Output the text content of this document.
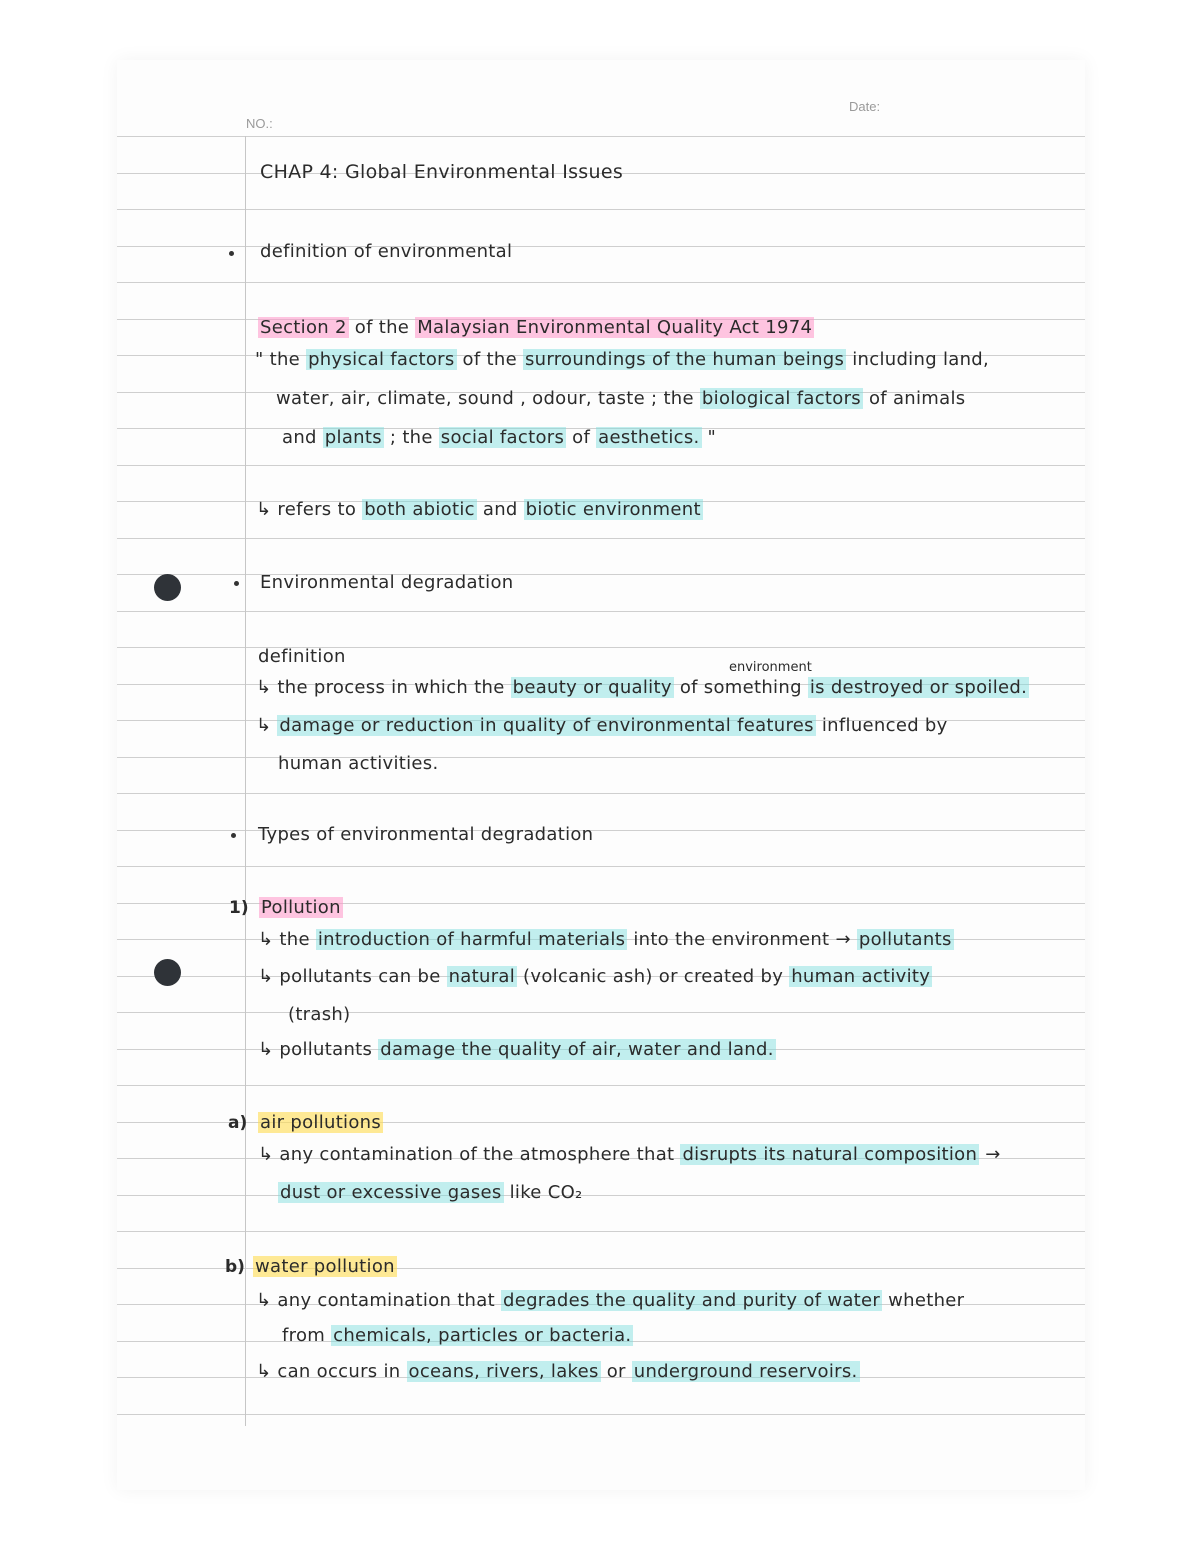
NO.:
Date:
CHAP 4: Global Environmental Issues
definition of environmental
Section 2 of the Malaysian Environmental Quality Act 1974
" the physical factors of the surroundings of the human beings including land,
water, air, climate, sound , odour, taste ; the biological factors of animals
and plants ; the social factors of aesthetics. "
↳ refers to both abiotic and biotic environment
Environmental degradation
definition
environment
↳ the process in which the beauty or quality of something is destroyed or spoiled.
↳ damage or reduction in quality of environmental features influenced by
human activities.
Types of environmental degradation
1) Pollution
↳ the introduction of harmful materials into the environment → pollutants
↳ pollutants can be natural (volcanic ash) or created by human activity
(trash)
↳ pollutants damage the quality of air, water and land.
a) air pollutions
↳ any contamination of the atmosphere that disrupts its natural composition →
dust or excessive gases like CO₂
b) water pollution
↳ any contamination that degrades the quality and purity of water whether
from chemicals, particles or bacteria.
↳ can occurs in oceans, rivers, lakes or underground reservoirs.
